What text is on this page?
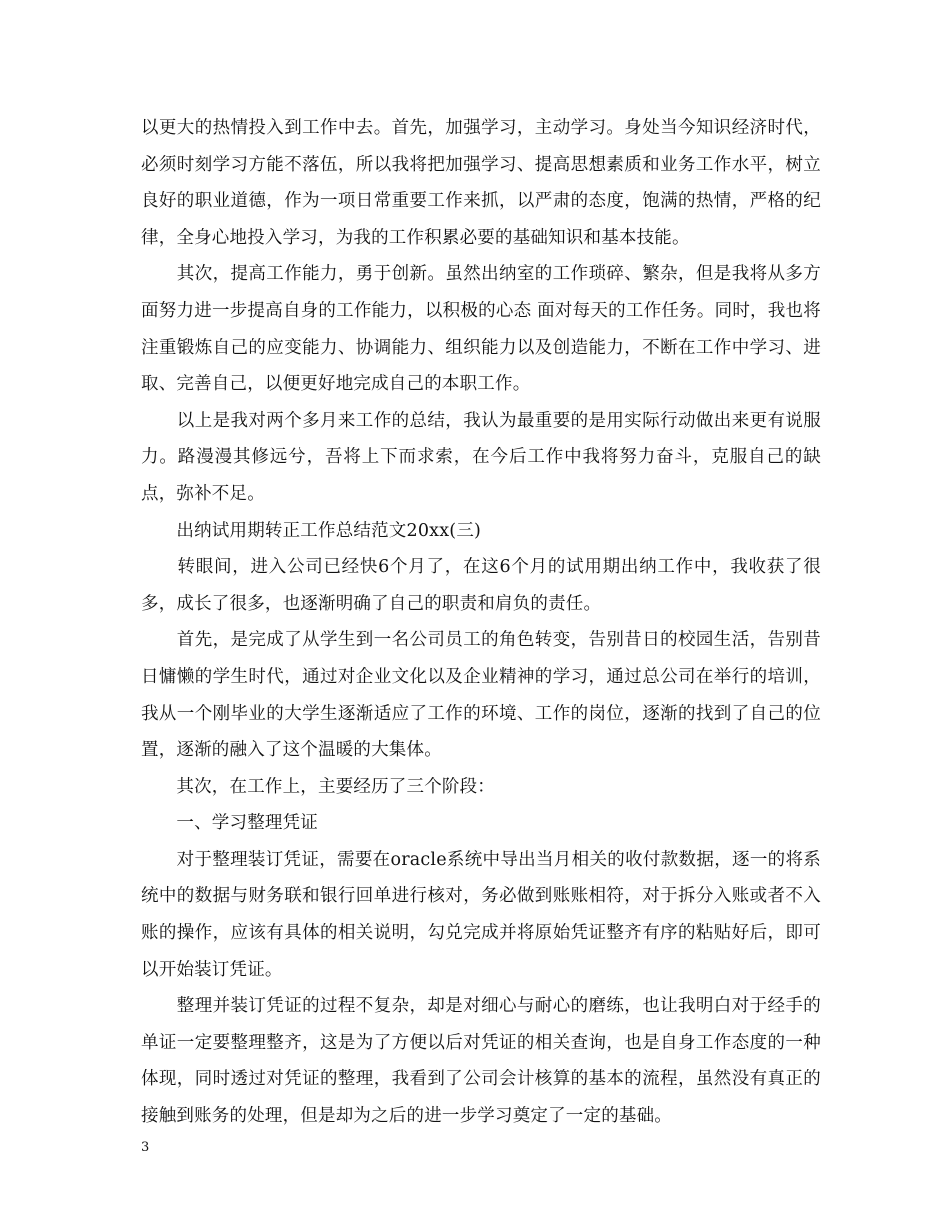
以更大的热情投入到工作中去。首先，加强学习，主动学习。身处当今知识经济时代，必须时刻学习方能不落伍，所以我将把加强学习、提高思想素质和业务工作水平，树立良好的职业道德，作为一项日常重要工作来抓，以严肃的态度，饱满的热情，严格的纪律，全身心地投入学习，为我的工作积累必要的基础知识和基本技能。

　　其次，提高工作能力，勇于创新。虽然出纳室的工作琐碎、繁杂，但是我将从多方面努力进一步提高自身的工作能力，以积极的心态 面对每天的工作任务。同时，我也将注重锻炼自己的应变能力、协调能力、组织能力以及创造能力，不断在工作中学习、进取、完善自己，以便更好地完成自己的本职工作。

　　以上是我对两个多月来工作的总结，我认为最重要的是用实际行动做出来更有说服力。路漫漫其修远兮，吾将上下而求索，在今后工作中我将努力奋斗，克服自己的缺点，弥补不足。

　　出纳试用期转正工作总结范文20xx(三)

　　转眼间，进入公司已经快6个月了，在这6个月的试用期出纳工作中，我收获了很多，成长了很多，也逐渐明确了自己的职责和肩负的责任。

　　首先，是完成了从学生到一名公司员工的角色转变，告别昔日的校园生活，告别昔日慵懒的学生时代，通过对企业文化以及企业精神的学习，通过总公司在举行的培训，我从一个刚毕业的大学生逐渐适应了工作的环境、工作的岗位，逐渐的找到了自己的位置，逐渐的融入了这个温暖的大集体。

　　其次，在工作上，主要经历了三个阶段：

　　一、学习整理凭证

　　对于整理装订凭证，需要在oracle系统中导出当月相关的收付款数据，逐一的将系统中的数据与财务联和银行回单进行核对，务必做到账账相符，对于拆分入账或者不入账的操作，应该有具体的相关说明，勾兑完成并将原始凭证整齐有序的粘贴好后，即可以开始装订凭证。

　　整理并装订凭证的过程不复杂，却是对细心与耐心的磨练，也让我明白对于经手的单证一定要整理整齐，这是为了方便以后对凭证的相关查询，也是自身工作态度的一种体现，同时透过对凭证的整理，我看到了公司会计核算的基本的流程，虽然没有真正的接触到账务的处理，但是却为之后的进一步学习奠定了一定的基础。

3
